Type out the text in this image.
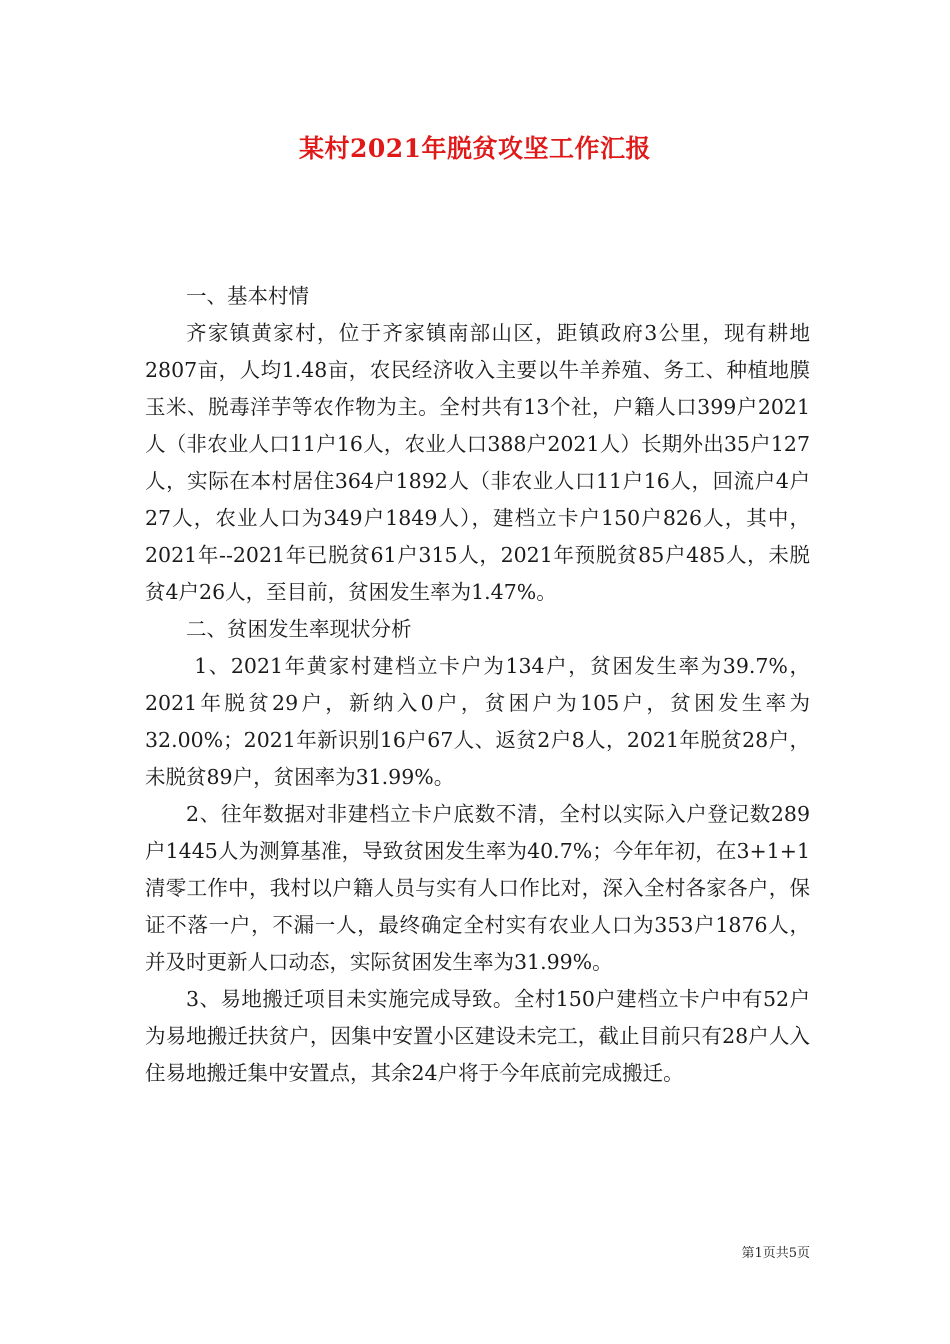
某村2021年脱贫攻坚工作汇报

一、基本村情

齐家镇黄家村，位于齐家镇南部山区，距镇政府3公里，现有耕地2807亩，人均1.48亩，农民经济收入主要以牛羊养殖、务工、种植地膜玉米、脱毒洋芋等农作物为主。全村共有13个社，户籍人口399户2021人（非农业人口11户16人，农业人口388户2021人）长期外出35户127人，实际在本村居住364户1892人（非农业人口11户16人，回流户4户27人，农业人口为349户1849人），建档立卡户150户826人，其中，2021年--2021年已脱贫61户315人，2021年预脱贫85户485人，未脱贫4户26人，至目前，贫困发生率为1.47%。

二、贫困发生率现状分析

1、2021年黄家村建档立卡户为134户，贫困发生率为39.7%，2021年脱贫29户，新纳入0户，贫困户为105户，贫困发生率为32.00%；2021年新识别16户67人、返贫2户8人，2021年脱贫28户，未脱贫89户，贫困率为31.99%。

2、往年数据对非建档立卡户底数不清，全村以实际入户登记数289户1445人为测算基准，导致贫困发生率为40.7%；今年年初，在3+1+1清零工作中，我村以户籍人员与实有人口作比对，深入全村各家各户，保证不落一户，不漏一人，最终确定全村实有农业人口为353户1876人，并及时更新人口动态，实际贫困发生率为31.99%。

3、易地搬迁项目未实施完成导致。全村150户建档立卡户中有52户为易地搬迁扶贫户，因集中安置小区建设未完工，截止目前只有28户人入住易地搬迁集中安置点，其余24户将于今年底前完成搬迁。

第1页共5页
